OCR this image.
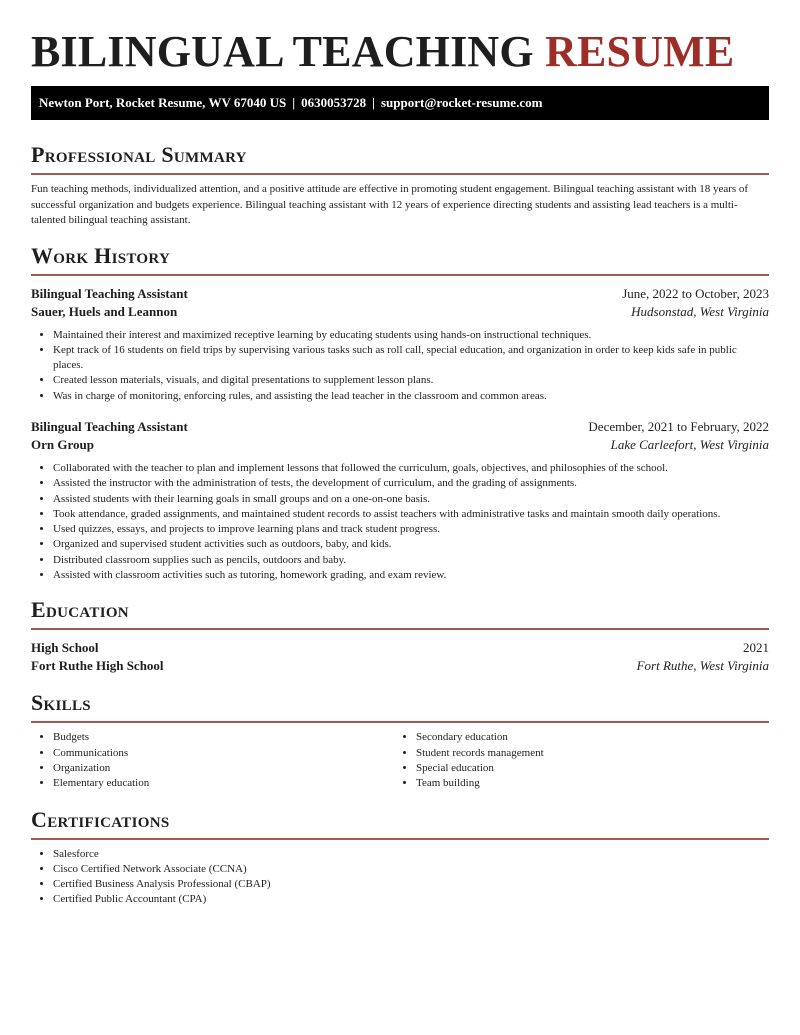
BILINGUAL TEACHING RESUME
Newton Port, Rocket Resume, WV 67040 US | 0630053728 | support@rocket-resume.com
Professional Summary

Fun teaching methods, individualized attention, and a positive attitude are effective in promoting student engagement. Bilingual teaching assistant with 18 years of successful organization and budgets experience. Bilingual teaching assistant with 12 years of experience directing students and assisting lead teachers is a multi-talented bilingual teaching assistant.

Work History
Bilingual Teaching Assistant	June, 2022 to October, 2023
Sauer, Huels and Leannon	Hudsonstad, West Virginia
• Maintained their interest and maximized receptive learning by educating students using hands-on instructional techniques.
• Kept track of 16 students on field trips by supervising various tasks such as roll call, special education, and organization in order to keep kids safe in public places.
• Created lesson materials, visuals, and digital presentations to supplement lesson plans.
• Was in charge of monitoring, enforcing rules, and assisting the lead teacher in the classroom and common areas.
Bilingual Teaching Assistant	December, 2021 to February, 2022
Orn Group	Lake Carleefort, West Virginia
• Collaborated with the teacher to plan and implement lessons that followed the curriculum, goals, objectives, and philosophies of the school.
• Assisted the instructor with the administration of tests, the development of curriculum, and the grading of assignments.
• Assisted students with their learning goals in small groups and on a one-on-one basis.
• Took attendance, graded assignments, and maintained student records to assist teachers with administrative tasks and maintain smooth daily operations.
• Used quizzes, essays, and projects to improve learning plans and track student progress.
• Organized and supervised student activities such as outdoors, baby, and kids.
• Distributed classroom supplies such as pencils, outdoors and baby.
• Assisted with classroom activities such as tutoring, homework grading, and exam review.
Education
High School	2021
Fort Ruthe High School	Fort Ruthe, West Virginia
Skills
• Budgets
• Communications
• Organization
• Elementary education
• Secondary education
• Student records management
• Special education
• Team building
Certifications
• Salesforce
• Cisco Certified Network Associate (CCNA)
• Certified Business Analysis Professional (CBAP)
• Certified Public Accountant (CPA)
